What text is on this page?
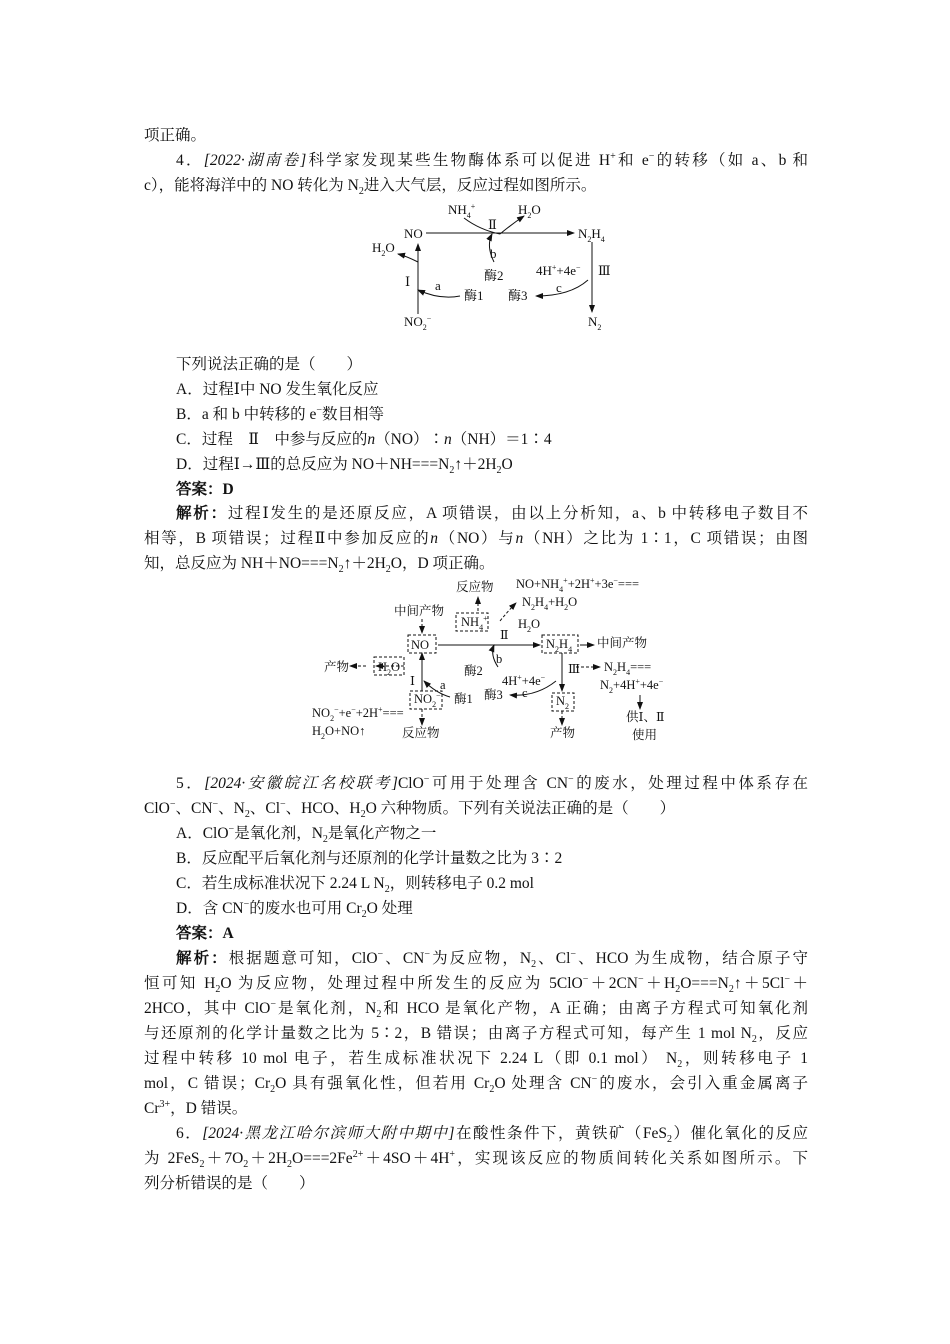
项正确。
4．[2022·湖南卷]科学家发现某些生物酶体系可以促进 H+和 e−的转移（如 a、b 和
c），能将海洋中的 NO 转化为 $N_2$进入大气层，反应过程如图所示。
$NH_4^+$	$H_2O$
NO	$N_2H_4$
$H_2O$
Ⅱ
b
酶2 4H++4e− Ⅲ
Ⅰ a	c
酶1 酶3
$NO_2^-$	$N_2$
下列说法正确的是（　　）
A．过程Ⅰ中 NO 发生氧化反应
B．a 和 b 中转移的 e−数目相等
C．过程　Ⅱ　中参与反应的n（NO）∶n（NH）＝1∶4
D．过程Ⅰ→Ⅲ的总反应为 $NO+NH===N_2↑+2H_2O$
答案：D
解析：过程Ⅰ发生的是还原反应，A 项错误，由以上分析知，a、b 中转移电子数目不
相等，B 项错误；过程Ⅱ中参加反应的n（NO）与n（NH）之比为 1∶1，C 项错误；由图
知，总反应为 $NH+NO===N_2↑+2H_2O$，D 项正确。
反应物 $NO+NH_4^++2H^++3e^-===$
$N_2H_4+H_2O$
中间产物
$NH_4^+$ $H_2O$
NO
Ⅱ
$N_2H_4$ 中间产物
b
产物 $H_2O$	酶2	Ⅲ $N_2H_4===$
Ⅰ a	4H++4e−
$N_2+4H^++4e^-$
c
$NO_2^-$ 酶1 酶3	$N_2$
$NO_2^-+e^-+2H^+===$	供Ⅰ、Ⅱ
$H_2O+NO↑$	反应物	产物	使用
5．[2024·安徽皖江名校联考]ClO−可用于处理含 CN−的废水，处理过程中体系存在
ClO−、CN−、$N_2$、Cl−、HCO、$H_2O$ 六种物质。下列有关说法正确的是（　　）
A．ClO−是氧化剂，$N_2$是氧化产物之一
B．反应配平后氧化剂与还原剂的化学计量数之比为 3∶2
C．若生成标准状况下 2.24 L $N_2$，则转移电子 0.2 mol
D．含 CN−的废水也可用 $Cr_2O$ 处理
答案：A
解析：根据题意可知，ClO−、CN−为反应物，$N_2$、Cl−、HCO 为生成物，结合原子守
恒可知 $H_2O$ 为反应物，处理过程中所发生的反应为 $5ClO^-+2CN^-+H_2O===N_2↑+5Cl^-+$
2HCO，其中 ClO−是氧化剂，$N_2$和 HCO 是氧化产物，A 正确；由离子方程式可知氧化剂
与还原剂的化学计量数之比为 5∶2，B 错误；由离子方程式可知，每产生 1 mol $N_2$，反应
过程中转移 10 mol 电子，若生成标准状况下 2.24 L（即 0.1 mol） $N_2$，则转移电子 1
mol，C 错误；$Cr_2O$ 具有强氧化性，但若用 $Cr_2O$ 处理含 CN−的废水，会引入重金属离子
$Cr^{3+}$，D 错误。
6．[2024·黑龙江哈尔滨师大附中期中]在酸性条件下，黄铁矿（FeS$_2$）催化氧化的反应
为 $2FeS_2+7O_2+2H_2O===2Fe^{2+}+4SO+4H^+$，实现该反应的物质间转化关系如图所示。下
列分析错误的是（　　）
